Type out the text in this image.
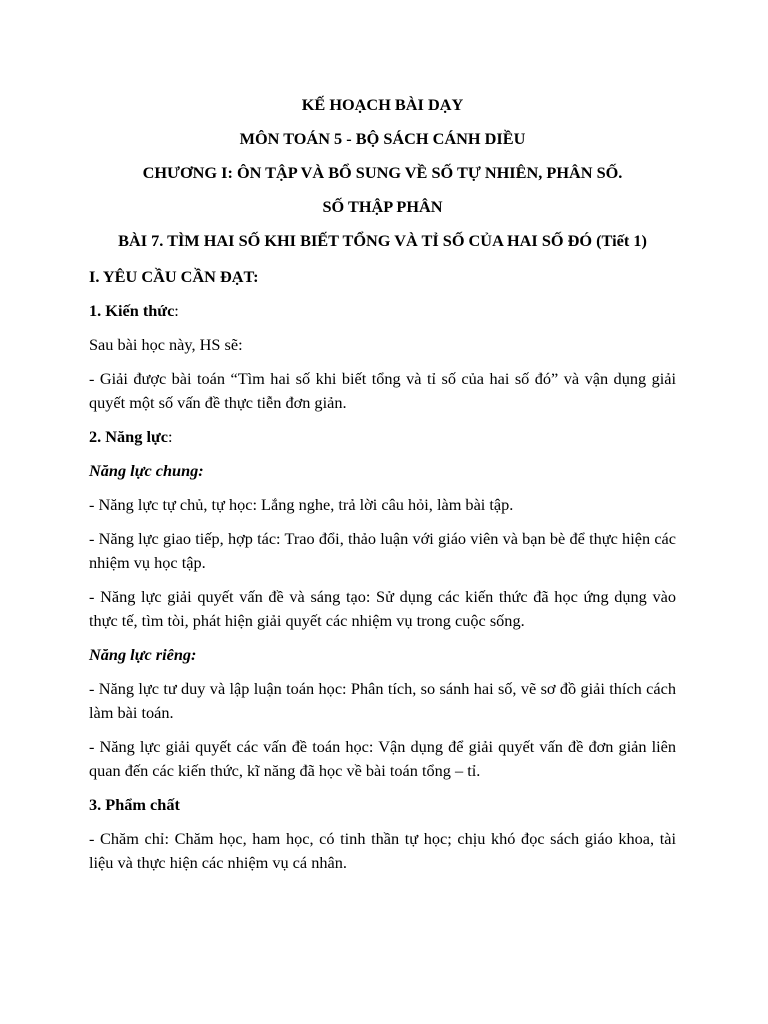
KẾ HOẠCH BÀI DẠY

MÔN TOÁN 5 - BỘ SÁCH CÁNH DIỀU

CHƯƠNG I: ÔN TẬP VÀ BỔ SUNG VỀ SỐ TỰ NHIÊN, PHÂN SỐ.

SỐ THẬP PHÂN

BÀI 7. TÌM HAI SỐ KHI BIẾT TỔNG VÀ TỈ SỐ CỦA HAI SỐ ĐÓ (Tiết 1)

I. YÊU CẦU CẦN ĐẠT:

1. Kiến thức:

Sau bài học này, HS sẽ:

- Giải được bài toán “Tìm hai số khi biết tổng và tỉ số của hai số đó” và vận dụng giải quyết một số vấn đề thực tiễn đơn giản.

2. Năng lực:

Năng lực chung:

- Năng lực tự chủ, tự học: Lắng nghe, trả lời câu hỏi, làm bài tập.

- Năng lực giao tiếp, hợp tác: Trao đổi, thảo luận với giáo viên và bạn bè để thực hiện các nhiệm vụ học tập.

- Năng lực giải quyết vấn đề và sáng tạo: Sử dụng các kiến thức đã học ứng dụng vào thực tế, tìm tòi, phát hiện giải quyết các nhiệm vụ trong cuộc sống.

Năng lực riêng:

- Năng lực tư duy và lập luận toán học: Phân tích, so sánh hai số, vẽ sơ đồ giải thích cách làm bài toán.

- Năng lực giải quyết các vấn đề toán học: Vận dụng để giải quyết vấn đề đơn giản liên quan đến các kiến thức, kĩ năng đã học về bài toán tổng – tỉ.

3. Phẩm chất

- Chăm chỉ: Chăm học, ham học, có tinh thần tự học; chịu khó đọc sách giáo khoa, tài liệu và thực hiện các nhiệm vụ cá nhân.
